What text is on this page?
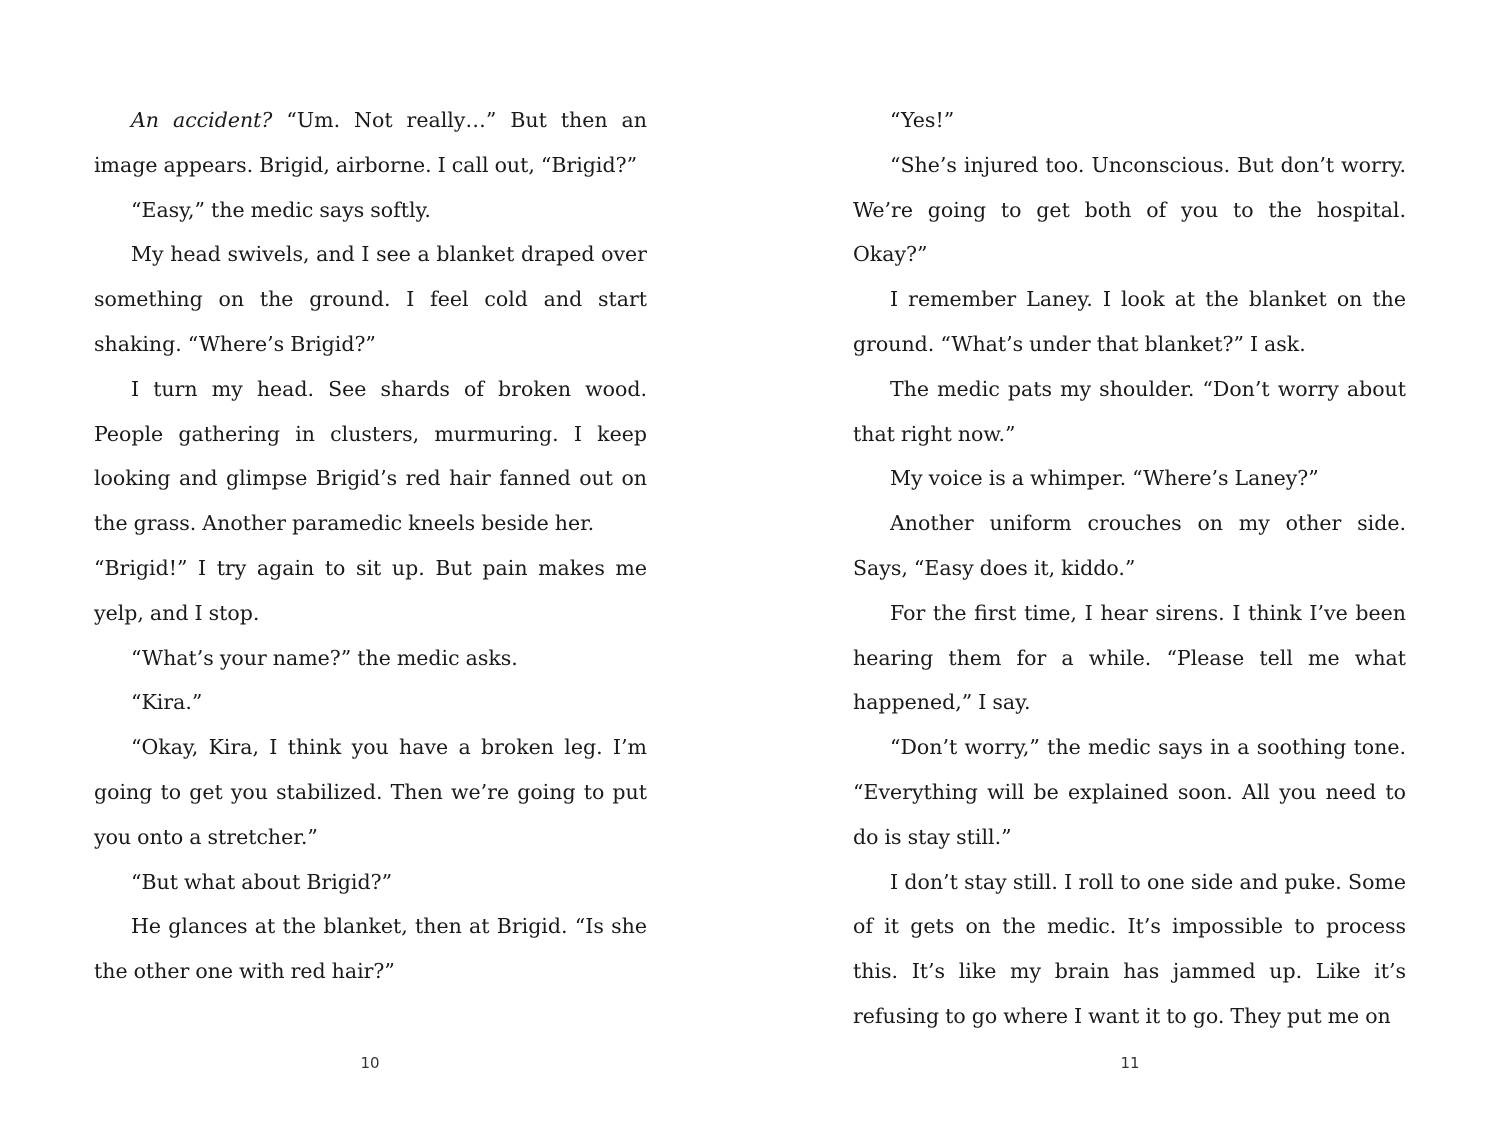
An accident? “Um. Not really…” But then an image appears. Brigid, airborne. I call out, “Brigid?”

“Easy,” the medic says softly.

My head swivels, and I see a blanket draped over something on the ground. I feel cold and start shaking. “Where’s Brigid?”

I turn my head. See shards of broken wood. People gathering in clusters, murmuring. I keep looking and glimpse Brigid’s red hair fanned out on the grass. Another paramedic kneels beside her.

“Brigid!” I try again to sit up. But pain makes me yelp, and I stop.

“What’s your name?” the medic asks.

“Kira.”

“Okay, Kira, I think you have a broken leg. I’m going to get you stabilized. Then we’re going to put you onto a stretcher.”

“But what about Brigid?”

He glances at the blanket, then at Brigid. “Is she the other one with red hair?”

“Yes!”

“She’s injured too. Unconscious. But don’t worry. We’re going to get both of you to the hospital. Okay?”

I remember Laney. I look at the blanket on the ground. “What’s under that blanket?” I ask.

The medic pats my shoulder. “Don’t worry about that right now.”

My voice is a whimper. “Where’s Laney?”

Another uniform crouches on my other side. Says, “Easy does it, kiddo.”

For the first time, I hear sirens. I think I’ve been hearing them for a while. “Please tell me what happened,” I say.

“Don’t worry,” the medic says in a soothing tone. “Everything will be explained soon. All you need to do is stay still.”

I don’t stay still. I roll to one side and puke. Some of it gets on the medic. It’s impossible to process this. It’s like my brain has jammed up. Like it’s refusing to go where I want it to go. They put me on

10	11
